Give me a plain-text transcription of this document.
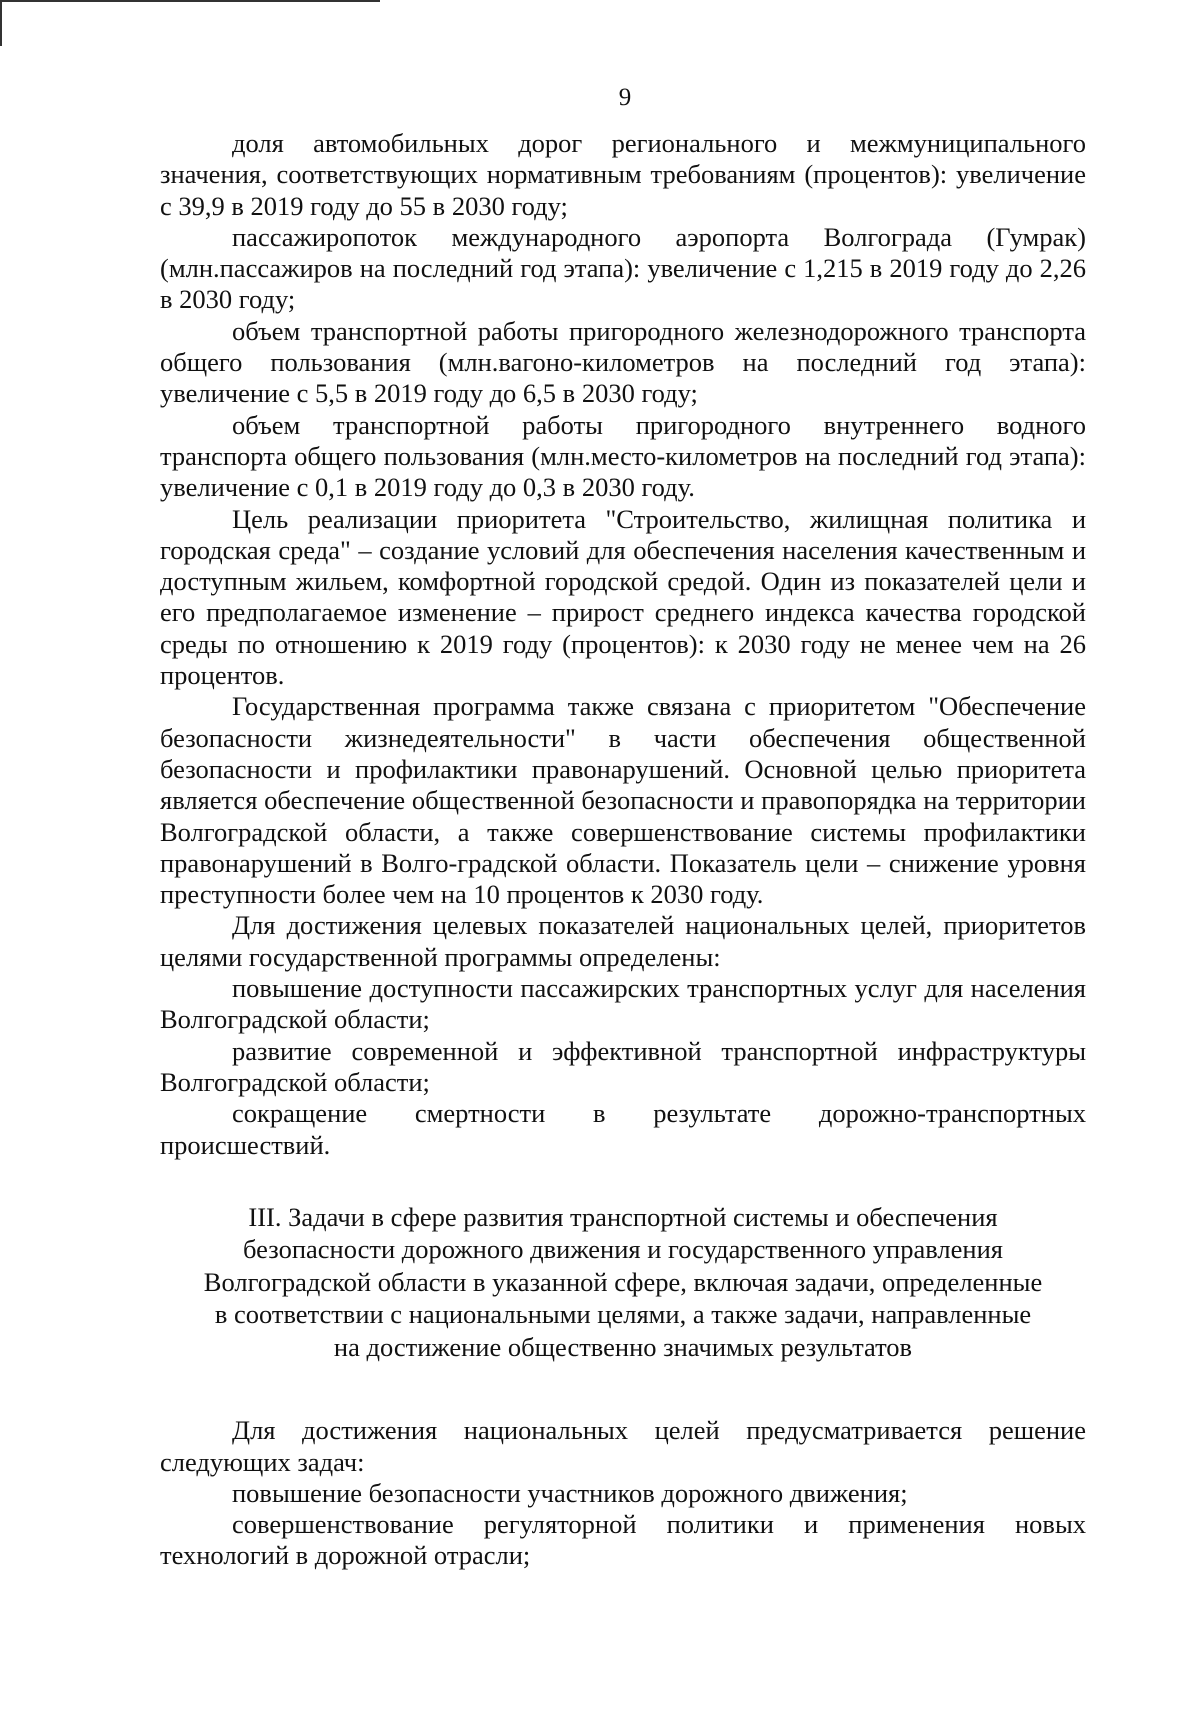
9

доля автомобильных дорог регионального и межмуниципального значения, соответствующих нормативным требованиям (процентов): увеличение с 39,9 в 2019 году до 55 в 2030 году;

пассажиропоток международного аэропорта Волгограда (Гумрак) (млн.пассажиров на последний год этапа): увеличение с 1,215 в 2019 году до 2,26 в 2030 году;

объем транспортной работы пригородного железнодорожного транспорта общего пользования (млн.вагоно-километров на последний год этапа): увеличение с 5,5 в 2019 году до 6,5 в 2030 году;

объем транспортной работы пригородного внутреннего водного транспорта общего пользования (млн.место-километров на последний год этапа): увеличение с 0,1 в 2019 году до 0,3 в 2030 году.

Цель реализации приоритета "Строительство, жилищная политика и городская среда" – создание условий для обеспечения населения качественным и доступным жильем, комфортной городской средой. Один из показателей цели и его предполагаемое изменение – прирост среднего индекса качества городской среды по отношению к 2019 году (процентов): к 2030 году не менее чем на 26 процентов.

Государственная программа также связана с приоритетом "Обеспечение безопасности жизнедеятельности" в части обеспечения общественной безопасности и профилактики правонарушений. Основной целью приоритета является обеспечение общественной безопасности и правопорядка на территории Волгоградской области, а также совершенствование системы профилактики правонарушений в Волго-градской области. Показатель цели – снижение уровня преступности более чем на 10 процентов к 2030 году.

Для достижения целевых показателей национальных целей, приоритетов целями государственной программы определены:

повышение доступности пассажирских транспортных услуг для населения Волгоградской области;

развитие современной и эффективной транспортной инфраструктуры Волгоградской области;

сокращение смертности в результате дорожно-транспортных происшествий.

III. Задачи в сфере развития транспортной системы и обеспечения
безопасности дорожного движения и государственного управления
Волгоградской области в указанной сфере, включая задачи, определенные
в соответствии с национальными целями, а также задачи, направленные
на достижение общественно значимых результатов

Для достижения национальных целей предусматривается решение следующих задач:

повышение безопасности участников дорожного движения;

совершенствование регуляторной политики и применения новых технологий в дорожной отрасли;
